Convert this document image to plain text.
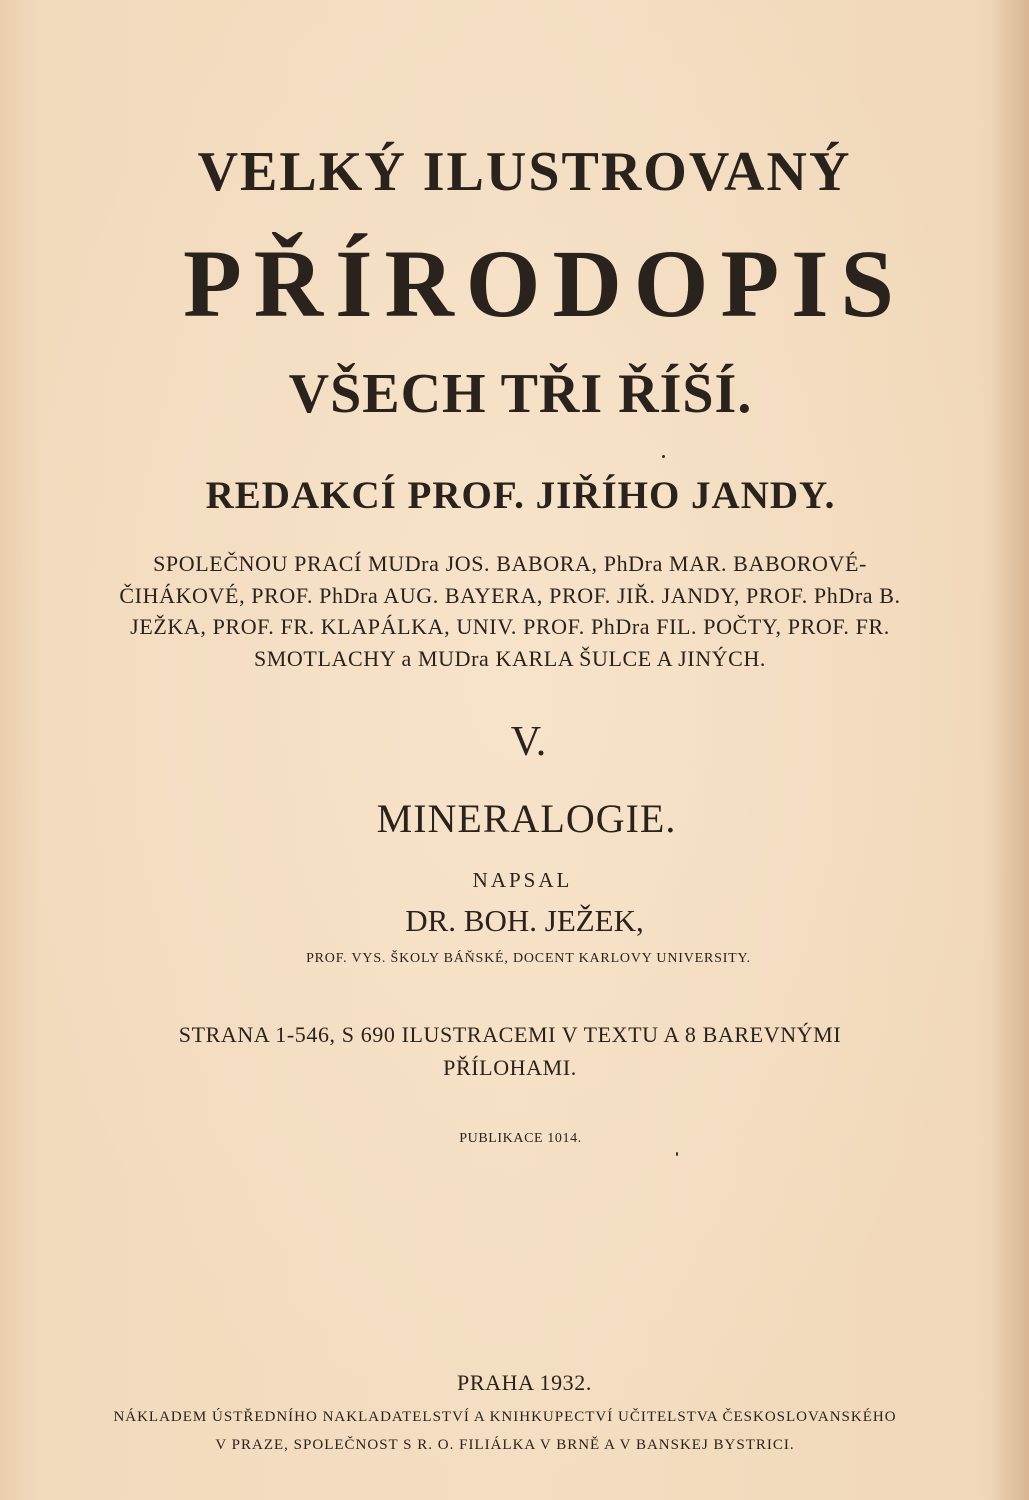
VELKÝ ILUSTROVANÝ
PŘÍRODOPIS
VŠECH TŘI ŘÍŠÍ.
REDAKCÍ PROF. JIŘÍHO JANDY.

SPOLEČNOU PRACÍ MUDra JOS. BABORA, PhDra MAR. BABOROVÉ-ČIHÁKOVÉ, PROF. PhDra AUG. BAYERA, PROF. JIŘ. JANDY, PROF. PhDra B. JEŽKA, PROF. FR. KLAPÁLKA, UNIV. PROF. PhDra FIL. POČTY, PROF. FR. SMOTLACHY a MUDra KARLA ŠULCE A JINÝCH.

V.
MINERALOGIE.
NAPSAL
DR. BOH. JEŽEK,
PROF. VYS. ŠKOLY BÁŇSKÉ, DOCENT KARLOVY UNIVERSITY.

STRANA 1-546, S 690 ILUSTRACEMI V TEXTU A 8 BAREVNÝMI PŘÍLOHAMI.

PUBLIKACE 1014.
PRAHA 1932.

NÁKLADEM ÚSTŘEDNÍHO NAKLADATELSTVÍ A KNIHKUPECTVÍ UČITELSTVA ČESKOSLOVANSKÉHO V PRAZE, SPOLEČNOST S R. O. FILIÁLKA V BRNĚ A V BANSKEJ BYSTRICI.
